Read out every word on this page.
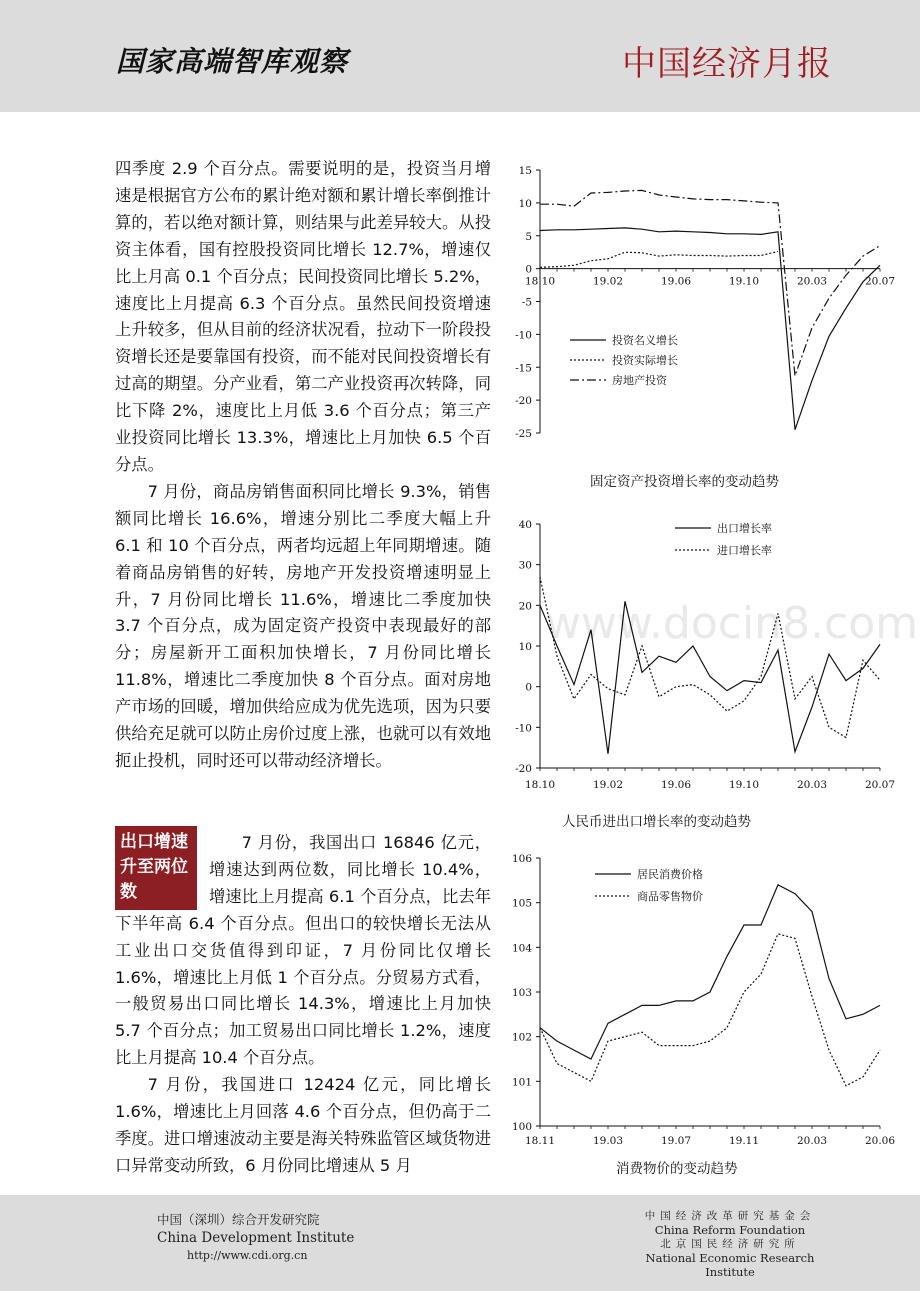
国家高端智库观察	中国经济月报
www.docin8.com

四季度 2.9 个百分点。需要说明的是，投资当月增速是根据官方公布的累计绝对额和累计增长率倒推计算的，若以绝对额计算，则结果与此差异较大。从投资主体看，国有控股投资同比增长 12.7%，增速仅比上月高 0.1 个百分点；民间投资同比增长 5.2%，速度比上月提高 6.3 个百分点。虽然民间投资增速上升较多，但从目前的经济状况看，拉动下一阶段投资增长还是要靠国有投资，而不能对民间投资增长有过高的期望。分产业看，第二产业投资再次转降，同比下降 2%，速度比上月低 3.6 个百分点；第三产业投资同比增长 13.3%，增速比上月加快 6.5 个百分点。

7 月份，商品房销售面积同比增长 9.3%，销售额同比增长 16.6%，增速分别比二季度大幅上升 6.1 和 10 个百分点，两者均远超上年同期增速。随着商品房销售的好转，房地产开发投资增速明显上升，7 月份同比增长 11.6%，增速比二季度加快 3.7 个百分点，成为固定资产投资中表现最好的部分；房屋新开工面积加快增长，7 月份同比增长 11.8%，增速比二季度加快 8 个百分点。面对房地产市场的回暖，增加供给应成为优先选项，因为只要供给充足就可以防止房价过度上涨，也就可以有效地扼止投机，同时还可以带动经济增长。

出口增速升至两位数

7 月份，我国出口 16846 亿元，增速达到两位数，同比增长 10.4%，增速比上月提高 6.1 个百分点，比去年下半年高 6.4 个百分点。但出口的较快增长无法从工业出口交货值得到印证，7 月份同比仅增长 1.6%，增速比上月低 1 个百分点。分贸易方式看，一般贸易出口同比增长 14.3%，增速比上月加快 5.7 个百分点；加工贸易出口同比增长 1.2%，速度比上月提高 10.4 个百分点。

7 月份，我国进口 12424 亿元，同比增长 1.6%，增速比上月回落 4.6 个百分点，但仍高于二季度。进口增速波动主要是海关特殊监管区域货物进口异常变动所致，6 月份同比增速从 5 月

15
10
5
0
-5
-10
-15
-20
-25
18.10	19.02	19.06	19.10	20.03	20.07
投资名义增长
投资实际增长
房地产投资
固定资产投资增长率的变动趋势
40
30
20
10
0
-10
-20
18.10	19.02	19.06	19.10	20.03	20.07
出口增长率
进口增长率
人民币进出口增长率的变动趋势
106
105
104
103
102
101
100
18.11	19.03	19.07	19.11	20.03	20.06
居民消费价格
商品零售物价
消费物价的变动趋势
中国（深圳）综合开发研究院
China Development Institute
http://www.cdi.org.cn
中国经济改革研究基金会
China Reform Foundation
北京国民经济研究所
National Economic Research Institute
